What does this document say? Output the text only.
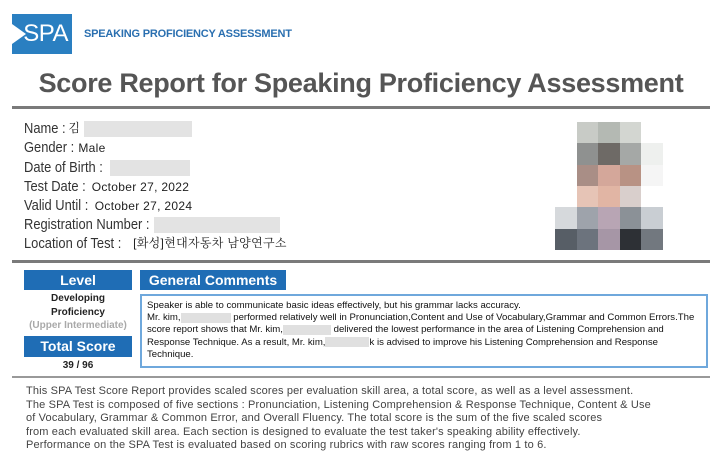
SPA SPEAKING PROFICIENCY ASSESSMENT
Score Report for Speaking Proficiency Assessment
Name : 김
Gender : Male
Date of Birth :
Test Date : October 27, 2022
Valid Until : October 27, 2024
Registration Number :
Location of Test : [화성]현대자동차 남양연구소
Level
Developing
Proficiency
(Upper Intermediate)
Total Score
39 / 96
General Comments

Speaker is able to communicate basic ideas effectively, but his grammar lacks accuracy.
Mr. kim,	performed relatively well in Pronunciation,Content and Use of Vocabulary,Grammar and Common Errors.The score report shows that Mr. kim,	delivered the lowest performance in the area of Listening Comprehension and Response Technique. As a result, Mr. kim,	k is advised to improve his Listening Comprehension and Response Technique.

This SPA Test Score Report provides scaled scores per evaluation skill area, a total score, as well as a level assessment.
The SPA Test is composed of five sections : Pronunciation, Listening Comprehension & Response Technique, Content & Use
of Vocabulary, Grammar & Common Error, and Overall Fluency. The total score is the sum of the five scaled scores
from each evaluated skill area. Each section is designed to evaluate the test taker's speaking ability effectively.
Performance on the SPA Test is evaluated based on scoring rubrics with raw scores ranging from 1 to 6.
